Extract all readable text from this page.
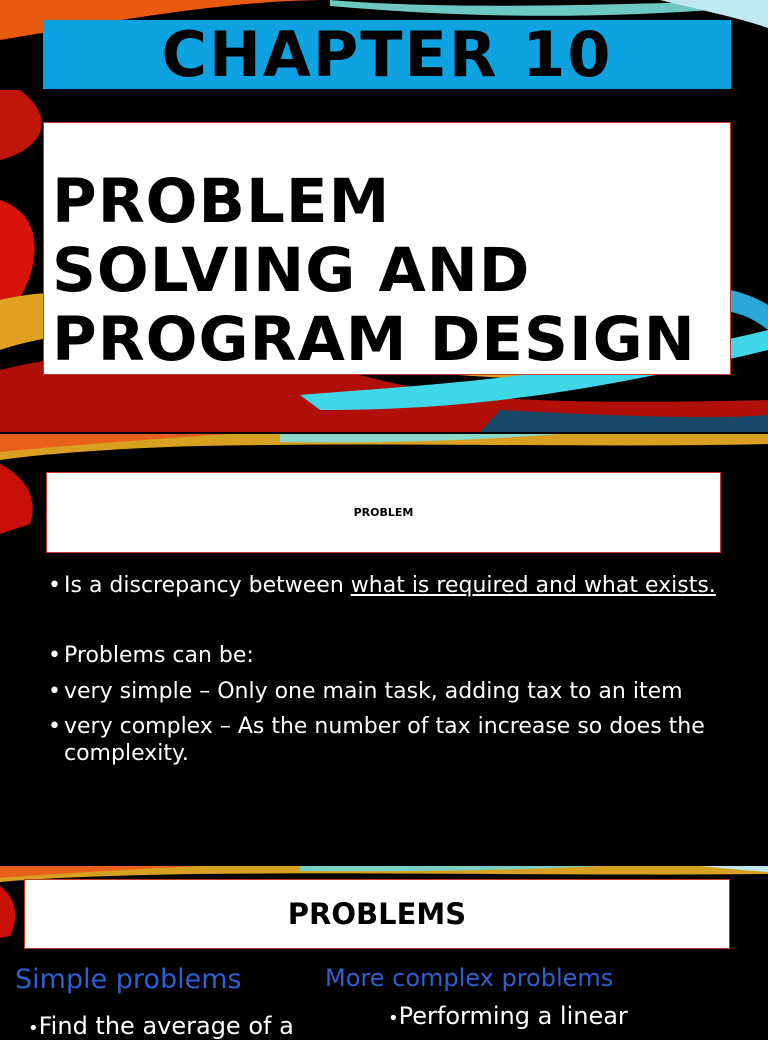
CHAPTER 10
PROBLEM
SOLVING AND
PROGRAM DESIGN
PROBLEM
• Is a discrepancy between what is required and what exists.
• Problems can be:
• very simple – Only one main task, adding tax to an item
• very complex – As the number of tax increase so does the complexity.
PROBLEMS
Simple problems	More complex problems
•Find the average of a	•Performing a linear
